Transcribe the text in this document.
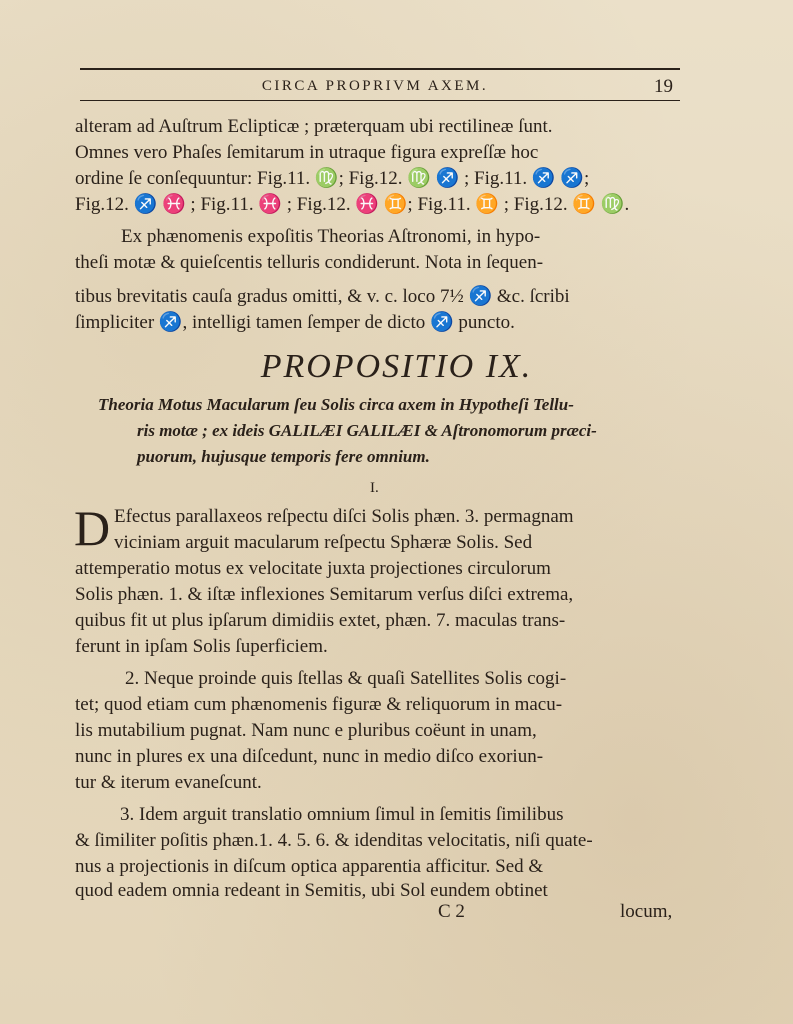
CIRCA PROPRIVM AXEM.	19
alteram ad Auſtrum Eclipticæ ; præterquam ubi rectilineæ ſunt.
Omnes vero Phaſes ſemitarum in utraque figura expreſſæ hoc
ordine ſe conſequuntur: Fig.11. ♍; Fig.12. ♍ ♐ ; Fig.11. ♐ ♐;
Fig.12. ♐ ♓ ; Fig.11. ♓ ; Fig.12. ♓ ♊; Fig.11. ♊ ; Fig.12. ♊ ♍.
Ex phænomenis expoſitis Theorias Aſtronomi, in hypo-
theſi motæ & quieſcentis telluris condiderunt. Nota in ſequen-
tibus brevitatis cauſa gradus omitti, & v. c. loco 7½ ♐ &c. ſcribi
ſimpliciter ♐, intelligi tamen ſemper de dicto ♐ puncto.
PROPOSITIO IX.
Theoria Motus Macularum ſeu Solis circa axem in Hypotheſi Tellu-
ris motæ ; ex ideis GALILÆI GALILÆI & Aſtronomorum præci-
puorum, hujusque temporis fere omnium.
I.
D Efectus parallaxeos reſpectu diſci Solis phæn. 3. permagnam
viciniam arguit macularum reſpectu Sphæræ Solis. Sed
attemperatio motus ex velocitate juxta projectiones circulorum
Solis phæn. 1. & iſtæ inflexiones Semitarum verſus diſci extrema,
quibus fit ut plus ipſarum dimidiis extet, phæn. 7. maculas trans-
ferunt in ipſam Solis ſuperficiem.
2. Neque proinde quis ſtellas & quaſi Satellites Solis cogi-
tet; quod etiam cum phænomenis figuræ & reliquorum in macu-
lis mutabilium pugnat. Nam nunc e pluribus coëunt in unam,
nunc in plures ex una diſcedunt, nunc in medio diſco exoriun-
tur & iterum evaneſcunt.
3. Idem arguit translatio omnium ſimul in ſemitis ſimilibus
& ſimiliter poſitis phæn.1. 4. 5. 6. & idenditas velocitatis, niſi quate-
nus a projectionis in diſcum optica apparentia afficitur. Sed &
quod eadem omnia redeant in Semitis, ubi Sol eundem obtinet
C 2	locum,
